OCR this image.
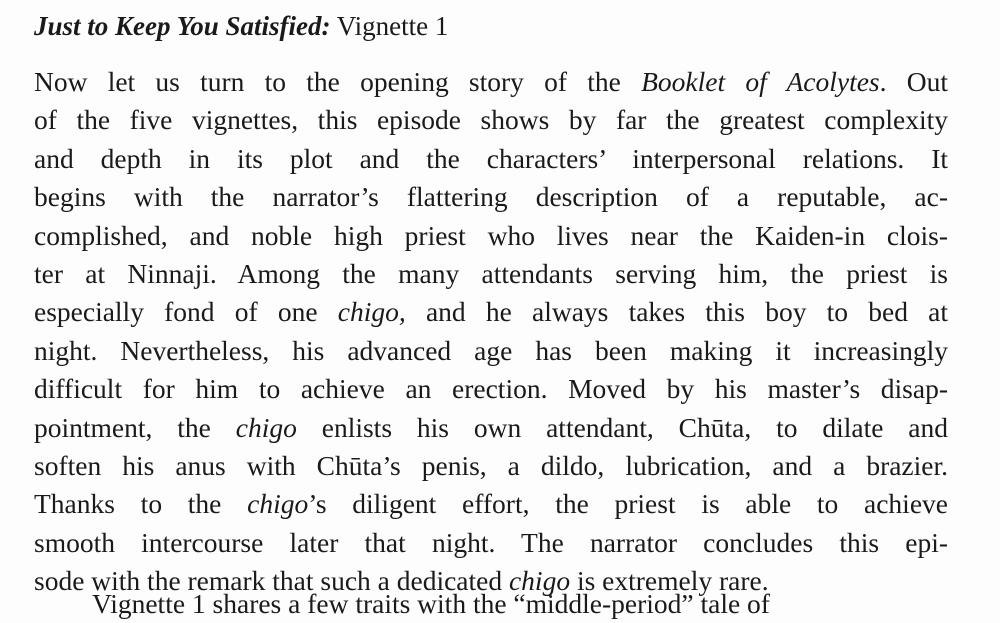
Just to Keep You Satisfied: Vignette 1
Now let us turn to the opening story of the Booklet of Acolytes. Out
of the five vignettes, this episode shows by far the greatest complexity
and depth in its plot and the characters’ interpersonal relations. It
begins with the narrator’s flattering description of a reputable, ac-
complished, and noble high priest who lives near the Kaiden-in clois-
ter at Ninnaji. Among the many attendants serving him, the priest is
especially fond of one chigo, and he always takes this boy to bed at
night. Nevertheless, his advanced age has been making it increasingly
difficult for him to achieve an erection. Moved by his master’s disap-
pointment, the chigo enlists his own attendant, Chūta, to dilate and
soften his anus with Chūta’s penis, a dildo, lubrication, and a brazier.
Thanks to the chigo’s diligent effort, the priest is able to achieve
smooth intercourse later that night. The narrator concludes this epi-
sode with the remark that such a dedicated chigo is extremely rare.
Vignette 1 shares a few traits with the “middle-period” tale of
